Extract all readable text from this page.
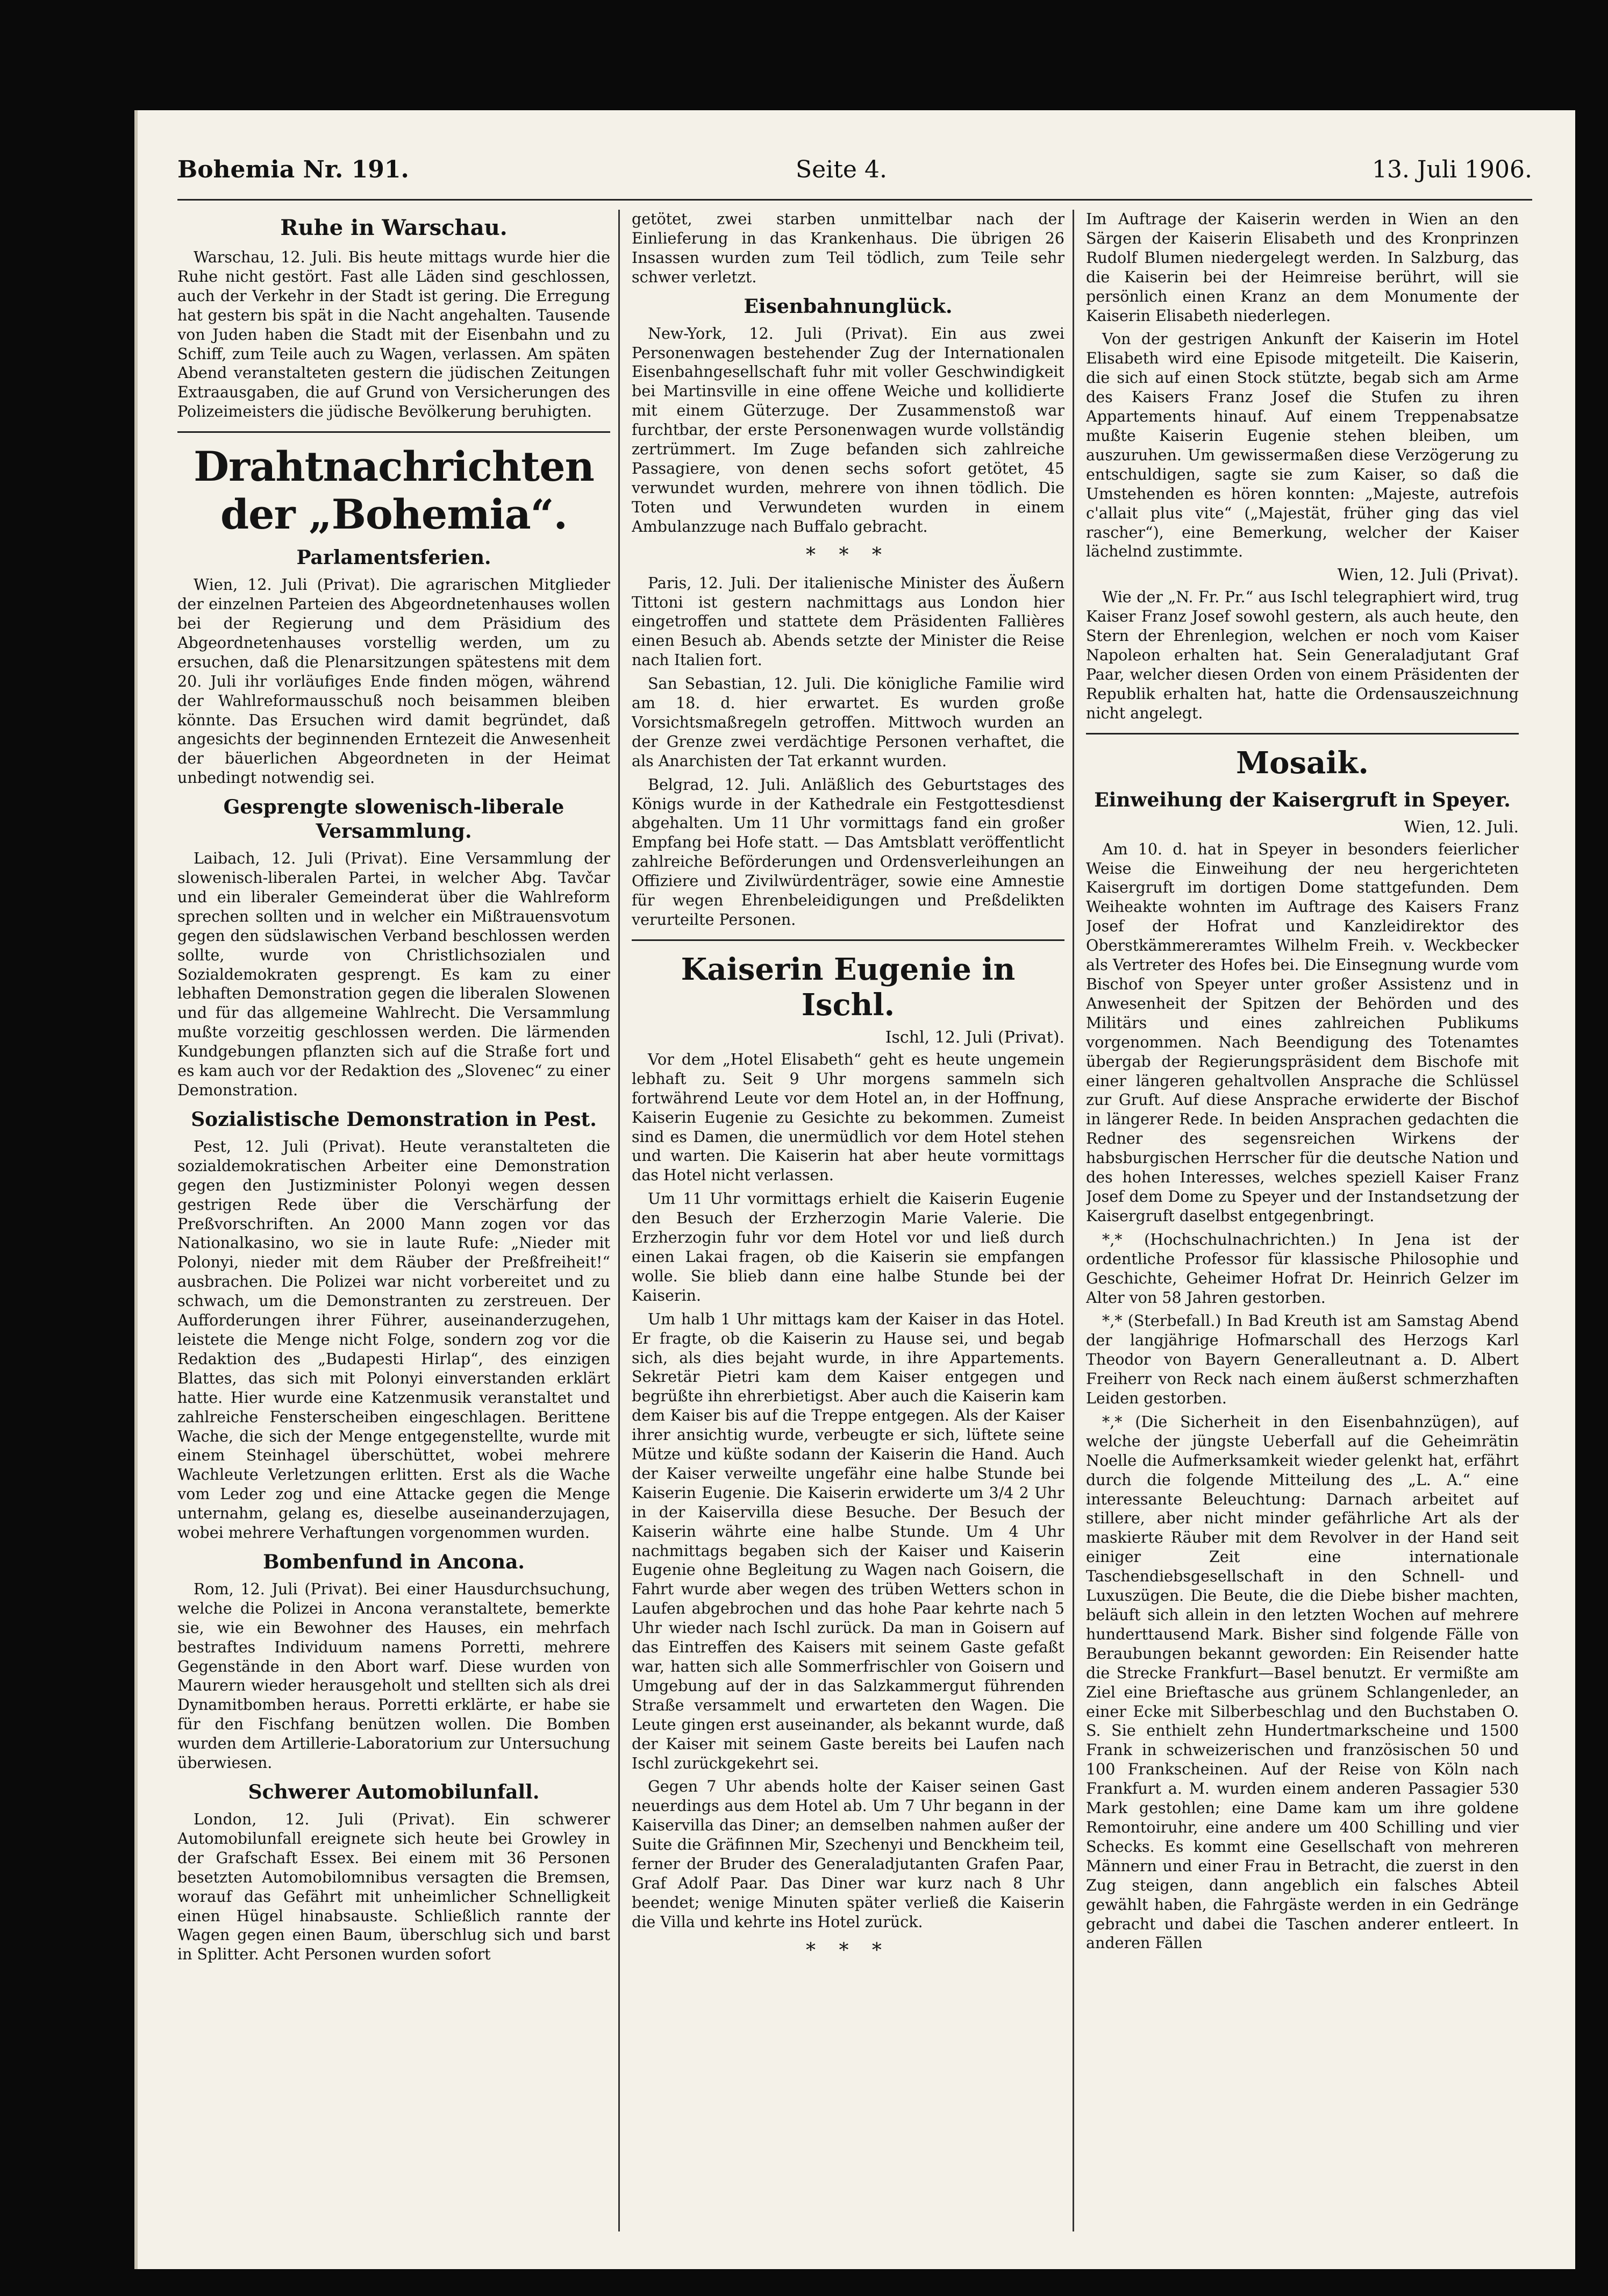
Bohemia Nr. 191.	Seite 4.	13. Juli 1906.
Ruhe in Warschau.

Warschau, 12. Juli. Bis heute mittags wurde hier die Ruhe nicht gestört. Fast alle Läden sind geschlossen, auch der Verkehr in der Stadt ist gering. Die Erregung hat gestern bis spät in die Nacht angehalten. Tausende von Juden haben die Stadt mit der Eisenbahn und zu Schiff, zum Teile auch zu Wagen, verlassen. Am späten Abend veranstalteten gestern die jüdischen Zeitungen Extraausgaben, die auf Grund von Versicherungen des Polizeimeisters die jüdische Bevölkerung beruhigten.

Drahtnachrichten der „Bohemia“.
Parlamentsferien.

Wien, 12. Juli (Privat). Die agrarischen Mitglieder der einzelnen Parteien des Abgeordnetenhauses wollen bei der Regierung und dem Präsidium des Abgeordnetenhauses vorstellig werden, um zu ersuchen, daß die Plenarsitzungen spätestens mit dem 20. Juli ihr vorläufiges Ende finden mögen, während der Wahlreformausschuß noch beisammen bleiben könnte. Das Ersuchen wird damit begründet, daß angesichts der beginnenden Erntezeit die Anwesenheit der bäuerlichen Abgeordneten in der Heimat unbedingt notwendig sei.

Gesprengte slowenisch-liberale Versammlung.

Laibach, 12. Juli (Privat). Eine Versammlung der slowenisch-liberalen Partei, in welcher Abg. Tavčar und ein liberaler Gemeinderat über die Wahlreform sprechen sollten und in welcher ein Mißtrauensvotum gegen den südslawischen Verband beschlossen werden sollte, wurde von Christlichsozialen und Sozialdemokraten gesprengt. Es kam zu einer lebhaften Demonstration gegen die liberalen Slowenen und für das allgemeine Wahlrecht. Die Versammlung mußte vorzeitig geschlossen werden. Die lärmenden Kundgebungen pflanzten sich auf die Straße fort und es kam auch vor der Redaktion des „Slovenec“ zu einer Demonstration.

Sozialistische Demonstration in Pest.

Pest, 12. Juli (Privat). Heute veranstalteten die sozialdemokratischen Arbeiter eine Demonstration gegen den Justizminister Polonyi wegen dessen gestrigen Rede über die Verschärfung der Preßvorschriften. An 2000 Mann zogen vor das Nationalkasino, wo sie in laute Rufe: „Nieder mit Polonyi, nieder mit dem Räuber der Preßfreiheit!“ ausbrachen. Die Polizei war nicht vorbereitet und zu schwach, um die Demonstranten zu zerstreuen. Der Aufforderungen ihrer Führer, auseinanderzugehen, leistete die Menge nicht Folge, sondern zog vor die Redaktion des „Budapesti Hirlap“, des einzigen Blattes, das sich mit Polonyi einverstanden erklärt hatte. Hier wurde eine Katzenmusik veranstaltet und zahlreiche Fensterscheiben eingeschlagen. Berittene Wache, die sich der Menge entgegenstellte, wurde mit einem Steinhagel überschüttet, wobei mehrere Wachleute Verletzungen erlitten. Erst als die Wache vom Leder zog und eine Attacke gegen die Menge unternahm, gelang es, dieselbe auseinanderzujagen, wobei mehrere Verhaftungen vorgenommen wurden.

Bombenfund in Ancona.

Rom, 12. Juli (Privat). Bei einer Hausdurchsuchung, welche die Polizei in Ancona veranstaltete, bemerkte sie, wie ein Bewohner des Hauses, ein mehrfach bestraftes Individuum namens Porretti, mehrere Gegenstände in den Abort warf. Diese wurden von Maurern wieder herausgeholt und stellten sich als drei Dynamitbomben heraus. Porretti erklärte, er habe sie für den Fischfang benützen wollen. Die Bomben wurden dem Artillerie-Laboratorium zur Untersuchung überwiesen.

Schwerer Automobilunfall.

London, 12. Juli (Privat). Ein schwerer Automobilunfall ereignete sich heute bei Growley in der Grafschaft Essex. Bei einem mit 36 Personen besetzten Automobilomnibus versagten die Bremsen, worauf das Gefährt mit unheimlicher Schnelligkeit einen Hügel hinabsauste. Schließlich rannte der Wagen gegen einen Baum, überschlug sich und barst in Splitter. Acht Personen wurden sofort

getötet, zwei starben unmittelbar nach der Einlieferung in das Krankenhaus. Die übrigen 26 Insassen wurden zum Teil tödlich, zum Teile sehr schwer verletzt.

Eisenbahnunglück.

New-York, 12. Juli (Privat). Ein aus zwei Personenwagen bestehender Zug der Internationalen Eisenbahngesellschaft fuhr mit voller Geschwindigkeit bei Martinsville in eine offene Weiche und kollidierte mit einem Güterzuge. Der Zusammenstoß war furchtbar, der erste Personenwagen wurde vollständig zertrümmert. Im Zuge befanden sich zahlreiche Passagiere, von denen sechs sofort getötet, 45 verwundet wurden, mehrere von ihnen tödlich. Die Toten und Verwundeten wurden in einem Ambulanzzuge nach Buffalo gebracht.

* * *

Paris, 12. Juli. Der italienische Minister des Äußern Tittoni ist gestern nachmittags aus London hier eingetroffen und stattete dem Präsidenten Fallières einen Besuch ab. Abends setzte der Minister die Reise nach Italien fort.

San Sebastian, 12. Juli. Die königliche Familie wird am 18. d. hier erwartet. Es wurden große Vorsichtsmaßregeln getroffen. Mittwoch wurden an der Grenze zwei verdächtige Personen verhaftet, die als Anarchisten der Tat erkannt wurden.

Belgrad, 12. Juli. Anläßlich des Geburtstages des Königs wurde in der Kathedrale ein Festgottesdienst abgehalten. Um 11 Uhr vormittags fand ein großer Empfang bei Hofe statt. — Das Amtsblatt veröffentlicht zahlreiche Beförderungen und Ordensverleihungen an Offiziere und Zivilwürdenträger, sowie eine Amnestie für wegen Ehrenbeleidigungen und Preßdelikten verurteilte Personen.

Kaiserin Eugenie in Ischl.
Ischl, 12. Juli (Privat).

Vor dem „Hotel Elisabeth“ geht es heute ungemein lebhaft zu. Seit 9 Uhr morgens sammeln sich fortwährend Leute vor dem Hotel an, in der Hoffnung, Kaiserin Eugenie zu Gesichte zu bekommen. Zumeist sind es Damen, die unermüdlich vor dem Hotel stehen und warten. Die Kaiserin hat aber heute vormittags das Hotel nicht verlassen.

Um 11 Uhr vormittags erhielt die Kaiserin Eugenie den Besuch der Erzherzogin Marie Valerie. Die Erzherzogin fuhr vor dem Hotel vor und ließ durch einen Lakai fragen, ob die Kaiserin sie empfangen wolle. Sie blieb dann eine halbe Stunde bei der Kaiserin.

Um halb 1 Uhr mittags kam der Kaiser in das Hotel. Er fragte, ob die Kaiserin zu Hause sei, und begab sich, als dies bejaht wurde, in ihre Appartements. Sekretär Pietri kam dem Kaiser entgegen und begrüßte ihn ehrerbietigst. Aber auch die Kaiserin kam dem Kaiser bis auf die Treppe entgegen. Als der Kaiser ihrer ansichtig wurde, verbeugte er sich, lüftete seine Mütze und küßte sodann der Kaiserin die Hand. Auch der Kaiser verweilte ungefähr eine halbe Stunde bei Kaiserin Eugenie. Die Kaiserin erwiderte um 3/4 2 Uhr in der Kaiservilla diese Besuche. Der Besuch der Kaiserin währte eine halbe Stunde. Um 4 Uhr nachmittags begaben sich der Kaiser und Kaiserin Eugenie ohne Begleitung zu Wagen nach Goisern, die Fahrt wurde aber wegen des trüben Wetters schon in Laufen abgebrochen und das hohe Paar kehrte nach 5 Uhr wieder nach Ischl zurück. Da man in Goisern auf das Eintreffen des Kaisers mit seinem Gaste gefaßt war, hatten sich alle Sommerfrischler von Goisern und Umgebung auf der in das Salzkammergut führenden Straße versammelt und erwarteten den Wagen. Die Leute gingen erst auseinander, als bekannt wurde, daß der Kaiser mit seinem Gaste bereits bei Laufen nach Ischl zurückgekehrt sei.

Gegen 7 Uhr abends holte der Kaiser seinen Gast neuerdings aus dem Hotel ab. Um 7 Uhr begann in der Kaiservilla das Diner; an demselben nahmen außer der Suite die Gräfinnen Mir, Szechenyi und Benckheim teil, ferner der Bruder des Generaladjutanten Grafen Paar, Graf Adolf Paar. Das Diner war kurz nach 8 Uhr beendet; wenige Minuten später verließ die Kaiserin die Villa und kehrte ins Hotel zurück.

* * *

Im Auftrage der Kaiserin werden in Wien an den Särgen der Kaiserin Elisabeth und des Kronprinzen Rudolf Blumen niedergelegt werden. In Salzburg, das die Kaiserin bei der Heimreise berührt, will sie persönlich einen Kranz an dem Monumente der Kaiserin Elisabeth niederlegen.

Von der gestrigen Ankunft der Kaiserin im Hotel Elisabeth wird eine Episode mitgeteilt. Die Kaiserin, die sich auf einen Stock stützte, begab sich am Arme des Kaisers Franz Josef die Stufen zu ihren Appartements hinauf. Auf einem Treppenabsatze mußte Kaiserin Eugenie stehen bleiben, um auszuruhen. Um gewissermaßen diese Verzögerung zu entschuldigen, sagte sie zum Kaiser, so daß die Umstehenden es hören konnten: „Majeste, autrefois c'allait plus vite“ („Majestät, früher ging das viel rascher“), eine Bemerkung, welcher der Kaiser lächelnd zustimmte.

Wien, 12. Juli (Privat).

Wie der „N. Fr. Pr.“ aus Ischl telegraphiert wird, trug Kaiser Franz Josef sowohl gestern, als auch heute, den Stern der Ehrenlegion, welchen er noch vom Kaiser Napoleon erhalten hat. Sein Generaladjutant Graf Paar, welcher diesen Orden von einem Präsidenten der Republik erhalten hat, hatte die Ordensauszeichnung nicht angelegt.

Mosaik.
Einweihung der Kaisergruft in Speyer.
Wien, 12. Juli.

Am 10. d. hat in Speyer in besonders feierlicher Weise die Einweihung der neu hergerichteten Kaisergruft im dortigen Dome stattgefunden. Dem Weiheakte wohnten im Auftrage des Kaisers Franz Josef der Hofrat und Kanzleidirektor des Oberstkämmereramtes Wilhelm Freih. v. Weckbecker als Vertreter des Hofes bei. Die Einsegnung wurde vom Bischof von Speyer unter großer Assistenz und in Anwesenheit der Spitzen der Behörden und des Militärs und eines zahlreichen Publikums vorgenommen. Nach Beendigung des Totenamtes übergab der Regierungspräsident dem Bischofe mit einer längeren gehaltvollen Ansprache die Schlüssel zur Gruft. Auf diese Ansprache erwiderte der Bischof in längerer Rede. In beiden Ansprachen gedachten die Redner des segensreichen Wirkens der habsburgischen Herrscher für die deutsche Nation und des hohen Interesses, welches speziell Kaiser Franz Josef dem Dome zu Speyer und der Instandsetzung der Kaisergruft daselbst entgegenbringt.

*,* (Hochschulnachrichten.) In Jena ist der ordentliche Professor für klassische Philosophie und Geschichte, Geheimer Hofrat Dr. Heinrich Gelzer im Alter von 58 Jahren gestorben.

*,* (Sterbefall.) In Bad Kreuth ist am Samstag Abend der langjährige Hofmarschall des Herzogs Karl Theodor von Bayern Generalleutnant a. D. Albert Freiherr von Reck nach einem äußerst schmerzhaften Leiden gestorben.

*,* (Die Sicherheit in den Eisenbahnzügen), auf welche der jüngste Ueberfall auf die Geheimrätin Noelle die Aufmerksamkeit wieder gelenkt hat, erfährt durch die folgende Mitteilung des „L. A.“ eine interessante Beleuchtung: Darnach arbeitet auf stillere, aber nicht minder gefährliche Art als der maskierte Räuber mit dem Revolver in der Hand seit einiger Zeit eine internationale Taschendiebsgesellschaft in den Schnell- und Luxuszügen. Die Beute, die die Diebe bisher machten, beläuft sich allein in den letzten Wochen auf mehrere hunderttausend Mark. Bisher sind folgende Fälle von Beraubungen bekannt geworden: Ein Reisender hatte die Strecke Frankfurt—Basel benutzt. Er vermißte am Ziel eine Brieftasche aus grünem Schlangenleder, an einer Ecke mit Silberbeschlag und den Buchstaben O. S. Sie enthielt zehn Hundertmarkscheine und 1500 Frank in schweizerischen und französischen 50 und 100 Frankscheinen. Auf der Reise von Köln nach Frankfurt a. M. wurden einem anderen Passagier 530 Mark gestohlen; eine Dame kam um ihre goldene Remontoiruhr, eine andere um 400 Schilling und vier Schecks. Es kommt eine Gesellschaft von mehreren Männern und einer Frau in Betracht, die zuerst in den Zug steigen, dann angeblich ein falsches Abteil gewählt haben, die Fahrgäste werden in ein Gedränge gebracht und dabei die Taschen anderer entleert. In anderen Fällen
